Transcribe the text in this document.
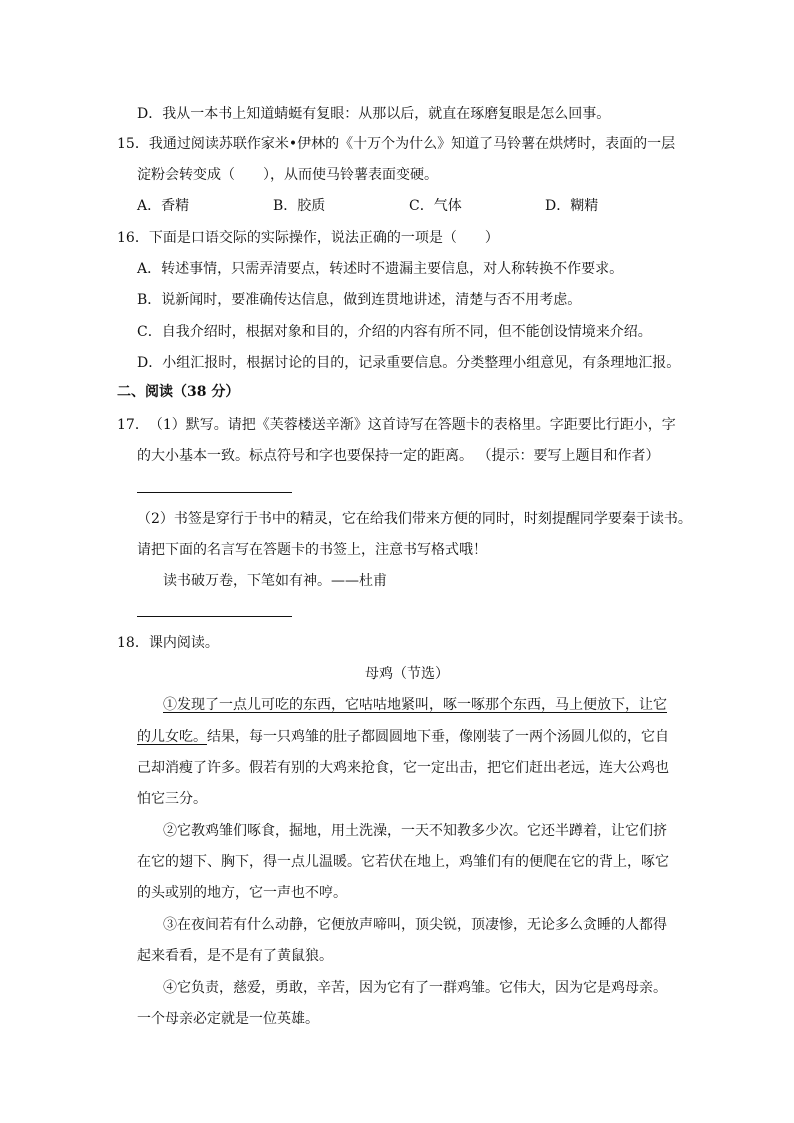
D．我从一本书上知道蜻蜓有复眼：从那以后，就直在琢磨复眼是怎么回事。
15．我通过阅读苏联作家米•伊林的《十万个为什么》知道了马铃薯在烘烤时，表面的一层
淀粉会转变成（　　），从而使马铃薯表面变硬。
A．香精	B．胶质	C．气体	D．糊精
16．下面是口语交际的实际操作，说法正确的一项是（　　）
A．转述事情，只需弄清要点，转述时不遗漏主要信息，对人称转换不作要求。
B．说新闻时，要准确传达信息，做到连贯地讲述，清楚与否不用考虑。
C．自我介绍时，根据对象和目的，介绍的内容有所不同，但不能创设情境来介绍。
D．小组汇报时，根据讨论的目的，记录重要信息。分类整理小组意见，有条理地汇报。
二、阅读（38 分）
17．　（1）默写。请把《芙蓉楼送辛渐》这首诗写在答题卡的表格里。字距要比行距小，字
的大小基本一致。标点符号和字也要保持一定的距离。 （提示：要写上题目和作者）
（2）书签是穿行于书中的精灵，它在给我们带来方便的同时，时刻提醒同学要秦于读书。
请把下面的名言写在答题卡的书签上，注意书写格式哦！
读书破万卷，下笔如有神。——杜甫
18．课内阅读。
母鸡（节选）
①发现了一点儿可吃的东西，它咕咕地紧叫，啄一啄那个东西，马上便放下，让它
的儿女吃。结果，每一只鸡雏的肚子都圆圆地下垂，像刚装了一两个汤圆儿似的，它自
己却消瘦了许多。假若有别的大鸡来抢食，它一定出击，把它们赶出老远，连大公鸡也
怕它三分。
②它教鸡雏们啄食，掘地，用土洗澡，一天不知教多少次。它还半蹲着，让它们挤
在它的翅下、胸下，得一点儿温暖。它若伏在地上，鸡雏们有的便爬在它的背上，啄它
的头或别的地方，它一声也不哼。
③在夜间若有什么动静，它便放声啼叫，顶尖锐，顶凄惨，无论多么贪睡的人都得
起来看看，是不是有了黄鼠狼。
④它负责，慈爱，勇敢，辛苦，因为它有了一群鸡雏。它伟大，因为它是鸡母亲。
一个母亲必定就是一位英雄。
